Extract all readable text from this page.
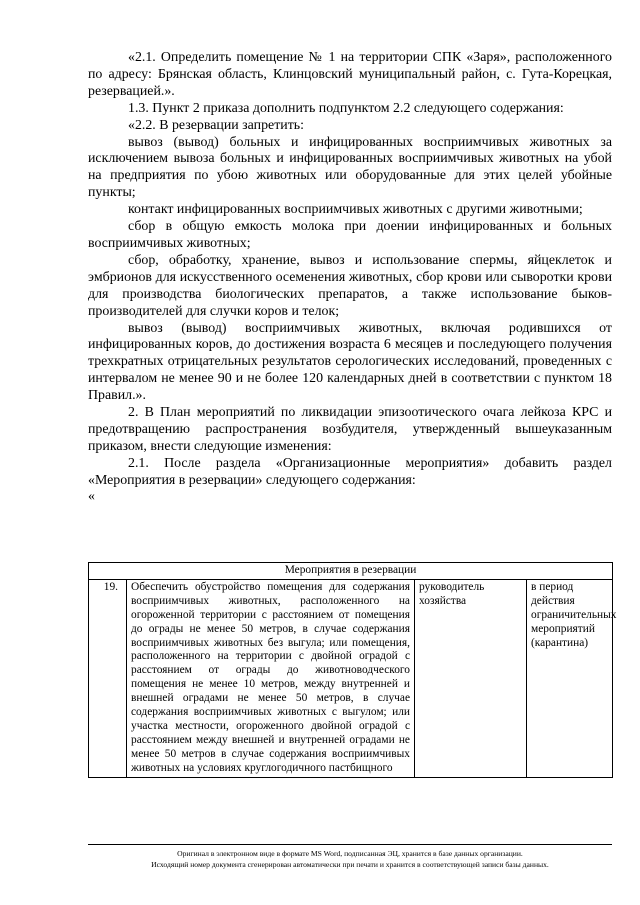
«2.1. Определить помещение № 1 на территории СПК «Заря», расположенного по адресу: Брянская область, Клинцовский муниципальный район, с. Гута-Корецкая, резервацией.».

1.3. Пункт 2 приказа дополнить подпунктом 2.2 следующего содержания:

«2.2. В резервации запретить:

вывоз (вывод) больных и инфицированных восприимчивых животных за исключением вывоза больных и инфицированных восприимчивых животных на убой на предприятия по убою животных или оборудованные для этих целей убойные пункты;

контакт инфицированных восприимчивых животных с другими животными;

сбор в общую емкость молока при доении инфицированных и больных восприимчивых животных;

сбор, обработку, хранение, вывоз и использование спермы, яйцеклеток и эмбрионов для искусственного осеменения животных, сбор крови или сыворотки крови для производства биологических препаратов, а также использование быков-производителей для случки коров и телок;

вывоз (вывод) восприимчивых животных, включая родившихся от инфицированных коров, до достижения возраста 6 месяцев и последующего получения трехкратных отрицательных результатов серологических исследований, проведенных с интервалом не менее 90 и не более 120 календарных дней в соответствии с пунктом 18 Правил.».

2. В План мероприятий по ликвидации эпизоотического очага лейкоза КРС и предотвращению распространения возбудителя, утвержденный вышеуказанным приказом, внести следующие изменения:

2.1. После раздела «Организационные мероприятия» добавить раздел «Мероприятия в резервации» следующего содержания:

«

Мероприятия в резервации
19.	Обеспечить обустройство помещения для содержания восприимчивых животных, расположенного на огороженной территории с расстоянием от помещения до ограды не менее 50 метров, в случае содержания восприимчивых животных без выгула; или помещения, расположенного на территории с двойной оградой с расстоянием от ограды до животноводческого помещения не менее 10 метров, между внутренней и внешней оградами не менее 50 метров, в случае содержания восприимчивых животных с выгулом; или участка местности, огороженного двойной оградой с расстоянием между внешней и внутренней оградами не менее 50 метров в случае содержания восприимчивых животных на условиях круглогодичного пастбищного	руководитель хозяйства	в период действия ограничительных мероприятий (карантина)
Оригинал в электронном виде в формате MS Word, подписанная ЭЦ, хранится в базе данных организации.
Исходящий номер документа сгенерирован автоматически при печати и хранится в соответствующей записи базы данных.
